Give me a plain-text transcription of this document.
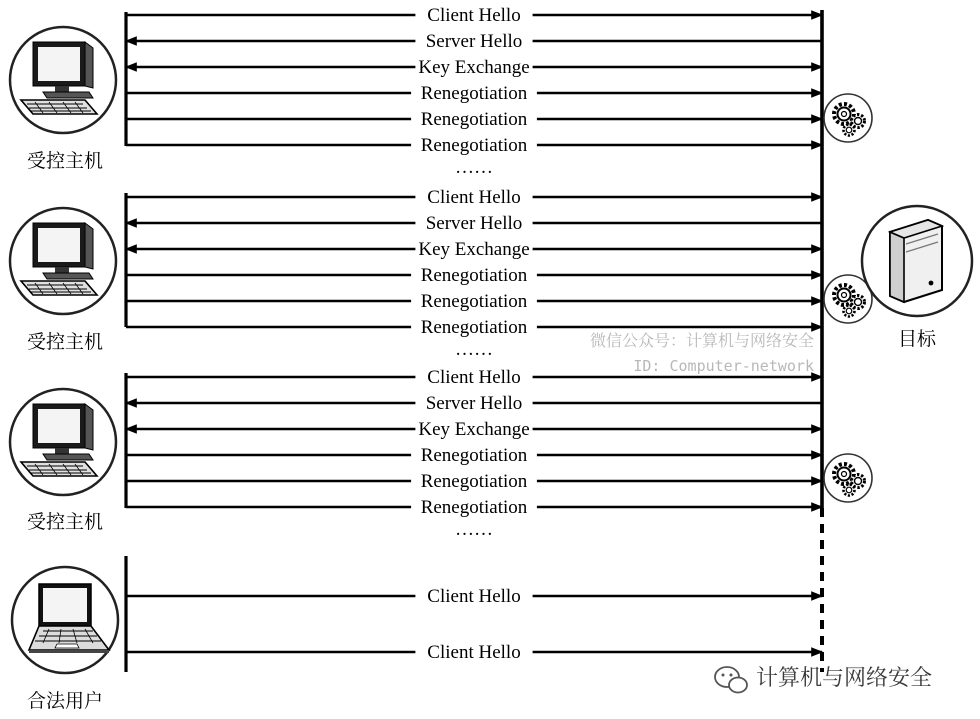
Client Hello
Server Hello
Key Exchange
Renegotiation
Renegotiation
Renegotiation
……
Client Hello
Server Hello
Key Exchange
Renegotiation
Renegotiation
Renegotiation
……
Client Hello
Server Hello
Key Exchange
Renegotiation
Renegotiation
Renegotiation
……
Client Hello
Client Hello
受控主机
受控主机
受控主机
合法用户
目标
微信公众号：计算机与网络安全
ID: Computer-network
计算机与网络安全
